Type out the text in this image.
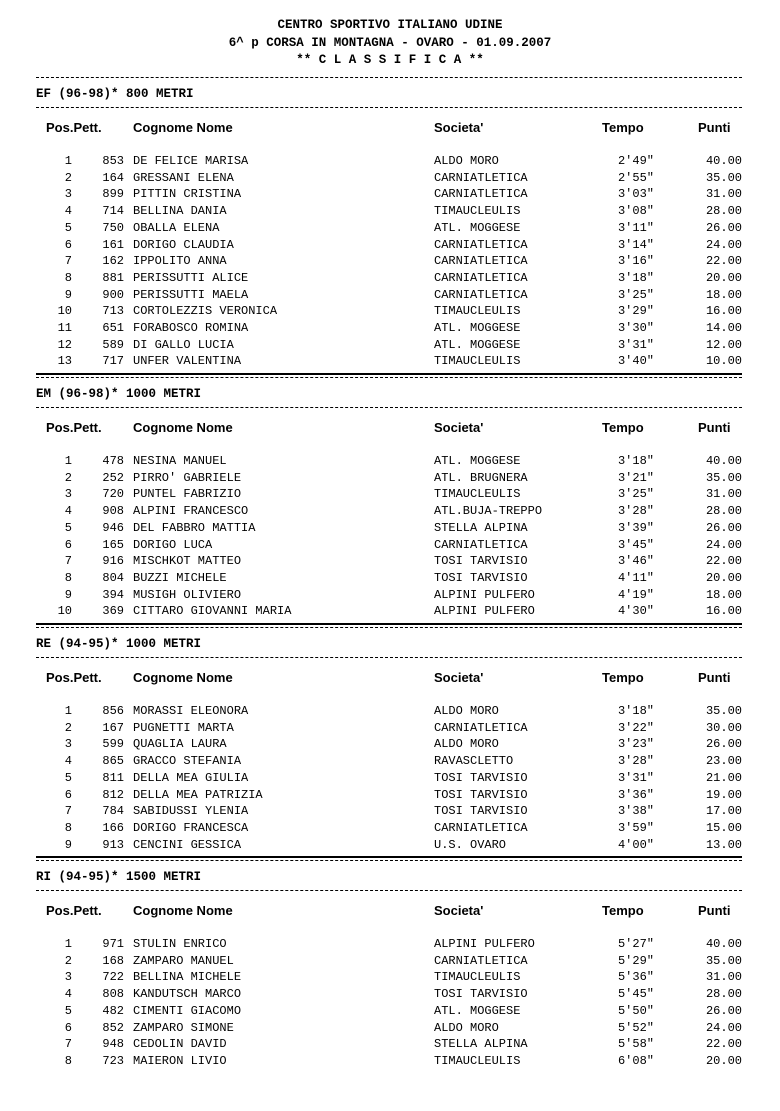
CENTRO SPORTIVO ITALIANO UDINE
6^ p CORSA IN MONTAGNA - OVARO - 01.09.2007
** C L A S S I F I C A **
EF (96-98)* 800 METRI
Pos.Pett. Cognome Nome	Societa'	Tempo	Punti
1	853 DE FELICE MARISA	ALDO MORO	2'49"	40.00
2	164 GRESSANI ELENA	CARNIATLETICA	2'55"	35.00
3	899 PITTIN CRISTINA	CARNIATLETICA	3'03"	31.00
4	714 BELLINA DANIA	TIMAUCLEULIS	3'08"	28.00
5	750 OBALLA ELENA	ATL. MOGGESE	3'11"	26.00
6	161 DORIGO CLAUDIA	CARNIATLETICA	3'14"	24.00
7	162 IPPOLITO ANNA	CARNIATLETICA	3'16"	22.00
8	881 PERISSUTTI ALICE	CARNIATLETICA	3'18"	20.00
9	900 PERISSUTTI MAELA	CARNIATLETICA	3'25"	18.00
10	713 CORTOLEZZIS VERONICA	TIMAUCLEULIS	3'29"	16.00
11	651 FORABOSCO ROMINA	ATL. MOGGESE	3'30"	14.00
12	589 DI GALLO LUCIA	ATL. MOGGESE	3'31"	12.00
13	717 UNFER VALENTINA	TIMAUCLEULIS	3'40"	10.00
EM (96-98)* 1000 METRI
Pos.Pett. Cognome Nome	Societa'	Tempo	Punti
1	478 NESINA MANUEL	ATL. MOGGESE	3'18"	40.00
2	252 PIRRO' GABRIELE	ATL. BRUGNERA	3'21"	35.00
3	720 PUNTEL FABRIZIO	TIMAUCLEULIS	3'25"	31.00
4	908 ALPINI FRANCESCO	ATL.BUJA-TREPPO	3'28"	28.00
5	946 DEL FABBRO MATTIA	STELLA ALPINA	3'39"	26.00
6	165 DORIGO LUCA	CARNIATLETICA	3'45"	24.00
7	916 MISCHKOT MATTEO	TOSI TARVISIO	3'46"	22.00
8	804 BUZZI MICHELE	TOSI TARVISIO	4'11"	20.00
9	394 MUSIGH OLIVIERO	ALPINI PULFERO	4'19"	18.00
10	369 CITTARO GIOVANNI MARIA	ALPINI PULFERO	4'30"	16.00
RE (94-95)* 1000 METRI
Pos.Pett. Cognome Nome	Societa'	Tempo	Punti
1	856 MORASSI ELEONORA	ALDO MORO	3'18"	35.00
2	167 PUGNETTI MARTA	CARNIATLETICA	3'22"	30.00
3	599 QUAGLIA LAURA	ALDO MORO	3'23"	26.00
4	865 GRACCO STEFANIA	RAVASCLETTO	3'28"	23.00
5	811 DELLA MEA GIULIA	TOSI TARVISIO	3'31"	21.00
6	812 DELLA MEA PATRIZIA	TOSI TARVISIO	3'36"	19.00
7	784 SABIDUSSI YLENIA	TOSI TARVISIO	3'38"	17.00
8	166 DORIGO FRANCESCA	CARNIATLETICA	3'59"	15.00
9	913 CENCINI GESSICA	U.S. OVARO	4'00"	13.00
RI (94-95)* 1500 METRI
Pos.Pett. Cognome Nome	Societa'	Tempo	Punti
1	971 STULIN ENRICO	ALPINI PULFERO	5'27"	40.00
2	168 ZAMPARO MANUEL	CARNIATLETICA	5'29"	35.00
3	722 BELLINA MICHELE	TIMAUCLEULIS	5'36"	31.00
4	808 KANDUTSCH MARCO	TOSI TARVISIO	5'45"	28.00
5	482 CIMENTI GIACOMO	ATL. MOGGESE	5'50"	26.00
6	852 ZAMPARO SIMONE	ALDO MORO	5'52"	24.00
7	948 CEDOLIN DAVID	STELLA ALPINA	5'58"	22.00
8	723 MAIERON LIVIO	TIMAUCLEULIS	6'08"	20.00
